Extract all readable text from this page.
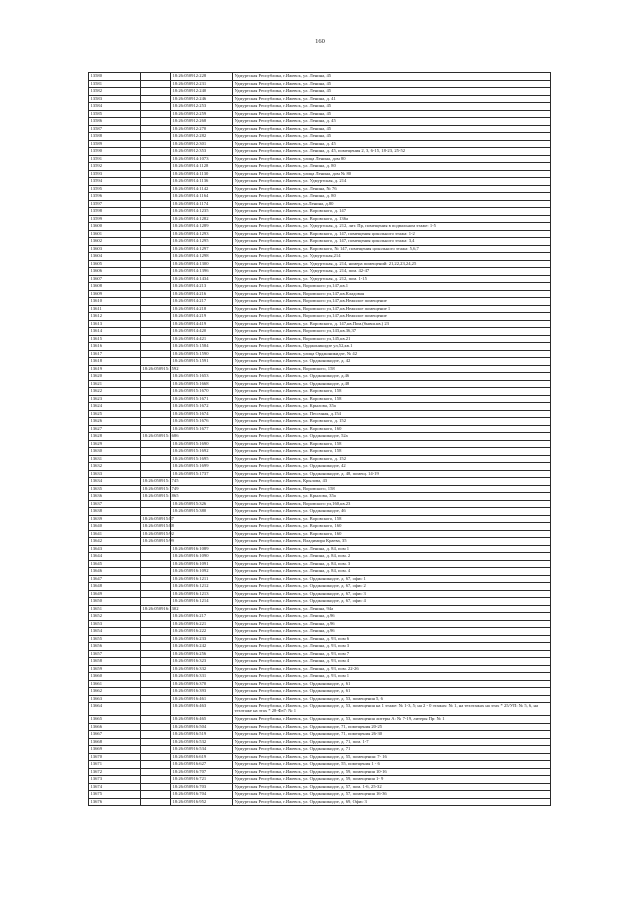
160
13580		18:26:050912:228	Удмуртская Республика, г.Ижевск, ул. Ленина, 45
13581		18:26:050912:231	Удмуртская Республика, г.Ижевск, ул. Ленина, 45
13582		18:26:050912:240	Удмуртская Республика, г.Ижевск, ул. Ленина, 45
13583		18:26:050912:246	Удмуртская Республика, г.Ижевск, ул. Ленина, д. 41
13584		18:26:050912:253	Удмуртская Республика, г.Ижевск, ул. Ленина, 45
13585		18:26:050912:259	Удмуртская Республика, г.Ижевск, ул. Ленина, 45
13586		18:26:050912:268	Удмуртская Республика, г.Ижевск, ул. Ленина, д. 45
13587		18:26:050912:270	Удмуртская Республика, г.Ижевск, ул. Ленина, 45
13588		18:26:050912:282	Удмуртская Республика, г.Ижевск, ул. Ленина, 45
13589		18:26:050912:301	Удмуртская Республика, г.Ижевск, ул. Ленина, д. 45
13590		18:26:050912:353	Удмуртская Республика, г.Ижевск, ул. Ленина, д. 45, помещения 2, 3, 6-15, 18-23, 25-52
13591		18:26:050914:1073	Удмуртская Республика, г.Ижевск, улица Ленина, дом 80
13592		18:26:050914:1128	Удмуртская Республика, г.Ижевск, ул. Ленина, д. 80
13593		18:26:050914:1130	Удмуртская Республика, г.Ижевск, улица Ленина, дом № 80
13594		18:26:050914:1136	Удмуртская Республика, г.Ижевск, ул. Удмуртская, д. 214
13595		18:26:050914:1142	Удмуртская Республика, г.Ижевск, ул. Ленина, № 76
13596		18:26:050914:1164	Удмуртская Республика, г.Ижевск, ул. Ленина, д. 80
13597		18:26:050914:1174	Удмуртская Республика, г.Ижевск, ул.Ленина, д.80
13598		18:26:050914:1235	Удмуртская Республика, г.Ижевск, ул. Воровского, д. 147
13599		18:26:050914:1282	Удмуртская Республика, г.Ижевск, ул. Воровского, д. 136а
13600		18:26:050914:1289	Удмуртская Республика, г.Ижевск, ул. Удмуртская, д. 212, лит. Пр, помещения в подвальном этаже: 1-5
13601		18:26:050914:1293	Удмуртская Республика, г.Ижевск, ул. Воровского, д. 147, помещения цокольного этажа: 1-2
13602		18:26:050914:1295	Удмуртская Республика, г.Ижевск, ул. Воровского, д. 147, помещения цокольного этажа: 3,4
13603		18:26:050914:1297	Удмуртская Республика, г.Ижевск, ул. Воровского, № 147, помещения цокольного этажа: 5,6,7
13604		18:26:050914:1298	Удмуртская Республика, г.Ижевск, ул. Удмуртская,214
13605		18:26:050914:1300	Удмуртская Республика, г.Ижевск, ул. Удмуртская, д. 214, номера помещений: 21,22,23,24,25
13606		18:26:050914:1396	Удмуртская Республика, г.Ижевск, ул. Удмуртская, д. 214, пом. 42-47
13607		18:26:050914:1434	Удмуртская Республика, г.Ижевск, ул. Удмуртская, д. 212, пом. 1-15
13608		18:26:050914:213	Удмуртская Республика, г.Ижевск, Воровского ул,147,кв.1
13609		18:26:050914:216	Удмуртская Республика, г.Ижевск, Воровского ул,147,кв.Кладовая
13610		18:26:050914:217	Удмуртская Республика, г.Ижевск, Воровского ул,147,кв.Нежилое помещение
13611		18:26:050914:218	Удмуртская Республика, г.Ижевск, Воровского ул,147,кв.Нежилое помещение 1
13612		18:26:050914:219	Удмуртская Республика, г.Ижевск, Воровского ул,147,кв.Нежилое помещение
13613		18:26:050914:419	Удмуртская Республика, г.Ижевск, ул. Воровского, д. 147,кв.Пом.(бывш.кв.) 23
13614		18:26:050914:420	Удмуртская Республика, г.Ижевск, Воровского ул,143,кв.36,37
13615		18:26:050914:421	Удмуртская Республика, г.Ижевск, Воровского ул,145,кв.21
13616		18:26:050915:1584	Удмуртская Республика, г.Ижевск, Орджоникидзе ул,52,кв.1
13617		18:26:050915:1590	Удмуртская Республика, г.Ижевск, улица Орджоникидзе, № 42
13618		18:26:050915:1591	Удмуртская Республика, г.Ижевск, ул. Орджоникидзе, д. 42
13619	18:26:050915:1592		Удмуртская Республика, г.Ижевск, Воровского, 158
13620		18:26:050915:1653	Удмуртская Республика, г.Ижевск, ул. Орджоникидзе, д.46
13621		18:26:050915:1668	Удмуртская Республика, г.Ижевск, ул. Орджоникидзе, д.48
13622		18:26:050915:1670	Удмуртская Республика, г.Ижевск, ул. Воровского, 158
13623		18:26:050915:1671	Удмуртская Республика, г.Ижевск, ул. Воровского, 158
13624		18:26:050915:1672	Удмуртская Республика, г.Ижевск, ул. Крылова, 35а
13625		18:26:050915:1674	Удмуртская Республика, г.Ижевск, ул. Песочная, д.154
13626		18:26:050915:1676	Удмуртская Республика, г.Ижевск, ул. Воровского, д. 152
13627		18:26:050915:1677	Удмуртская Республика, г.Ижевск, ул. Воровского, 160
13628	18:26:050915:1686		Удмуртская Республика, г.Ижевск, ул. Орджоникидзе, 52а
13629		18:26:050915:1690	Удмуртская Республика, г.Ижевск, ул. Воровского, 158
13630		18:26:050915:1692	Удмуртская Республика, г.Ижевск, ул. Воровского, 158
13631		18:26:050915:1695	Удмуртская Республика, г.Ижевск, ул. Воровского, д. 152
13632		18:26:050915:1699	Удмуртская Республика, г.Ижевск, ул. Орджоникидзе, 42
13633		18:26:050915:1737	Удмуртская Республика, г.Ижевск, ул. Орджоникидзе, д. 48, помещ. 14-19
13634	18:26:050915:1745		Удмуртская Республика, г.Ижевск, Крылова, 43
13635	18:26:050915:1749		Удмуртская Республика, г.Ижевск, Воровского, 158
13636	18:26:050915:1865		Удмуртская Республика, г.Ижевск, ул. Крылова, 35а
13637		18:26:050915:326	Удмуртская Республика, г.Ижевск, Воровского ул,160,кв.23
13638		18:26:050915:380	Удмуртская Республика, г.Ижевск, ул. Орджоникидзе, 46
13639	18:26:050915:87		Удмуртская Республика, г.Ижевск, ул. Воровского, 158
13640	18:26:050915:88		Удмуртская Республика, г.Ижевск, ул. Воровского, 160
13641	18:26:050915:92		Удмуртская Республика, г.Ижевск, ул. Воровского, 160
13642	18:26:050915:99		Удмуртская Республика, г.Ижевск, Владимира Краева, 35
13643		18:26:050916:1089	Удмуртская Республика, г.Ижевск, ул. Ленина, д. 84, пом 1
13644		18:26:050916:1090	Удмуртская Республика, г.Ижевск, ул. Ленина, д. 84, пом. 2
13645		18:26:050916:1091	Удмуртская Республика, г.Ижевск, ул. Ленина, д. 84, пом. 3
13646		18:26:050916:1092	Удмуртская Республика, г.Ижевск, ул. Ленина, д. 84, пом. 4
13647		18:26:050916:1211	Удмуртская Республика, г.Ижевск, ул. Орджоникидзе, д. 67, офис 1
13648		18:26:050916:1212	Удмуртская Республика, г.Ижевск, ул. Орджоникидзе, д. 67, офис 2
13649		18:26:050916:1213	Удмуртская Республика, г.Ижевск, ул. Орджоникидзе, д. 67, офис 3
13650		18:26:050916:1214	Удмуртская Республика, г.Ижевск, ул. Орджоникидзе, д. 67, офис 4
13651	18:26:050916:1302		Удмуртская Республика, г.Ижевск, ул. Ленина, 94а
13652		18:26:050916:217	Удмуртская Республика, г.Ижевск, ул. Ленина, д.96
13653		18:26:050916:221	Удмуртская Республика, г.Ижевск, ул. Ленина, д.96
13654		18:26:050916:222	Удмуртская Республика, г.Ижевск, ул. Ленина, д.96
13655		18:26:050916:233	Удмуртская Республика, г.Ижевск, ул. Ленина, д. 93, пом 6
13656		18:26:050916:242	Удмуртская Республика, г.Ижевск, ул. Ленина, д. 93, пом 3
13657		18:26:050916:256	Удмуртская Республика, г.Ижевск, ул. Ленина, д. 93, пом 7
13658		18:26:050916:323	Удмуртская Республика, г.Ижевск, ул. Ленина, д. 93, пом 4
13659		18:26:050916:332	Удмуртская Республика, г.Ижевск, ул. Ленина, д. 93, пом. 22-26
13660		18:26:050916:331	Удмуртская Республика, г.Ижевск, ул. Ленина, д. 93, пом 1
13661		18:26:050916:370	Удмуртская Республика, г.Ижевск, ул. Орджоникидзе, д. 61
13662		18:26:050916:393	Удмуртская Республика, г.Ижевск, ул. Орджоникидзе, д. 61
13663		18:26:050916:461	Удмуртская Республика, г.Ижевск, ул. Орджоникидзе, д. 53, помещения 5, 6
13664		18:26:050916:463	Удмуртская Республика, г.Ижевск, ул. Орджоникидзе, д. 53, помещения на 1 этаже: № 1-3, 5; на 2 - 0 этажах: № 1, на техэтажах на этах * 25/УП: № 5, 6, на техэтаже на этах * 28-Фл7: № 1
13665		18:26:050916:465	Удмуртская Республика, г.Ижевск, ул. Орджоникидзе, д. 53, помещения литеры А: № 7-19, литеры Пр: № 1
13666		18:26:050916:504	Удмуртская Республика, г.Ижевск, ул. Орджоникидзе, 71, помещения 20-25
13667		18:26:050916:519	Удмуртская Республика, г.Ижевск, ул. Орджоникидзе, 71, помещения 26-30
13668		18:26:050916:532	Удмуртская Республика, г.Ижевск, ул. Орджоникидзе, д. 71, пом. 1-7
13669		18:26:050916:534	Удмуртская Республика, г.Ижевск, ул. Орджоникидзе, д. 71
13670		18:26:050916:619	Удмуртская Республика, г.Ижевск, ул. Орджоникидзе, д. 55, помещения: 7- 16
13671		18:26:050916:627	Удмуртская Республика, г.Ижевск, ул. Орджоникидзе, 55, помещения 1 - 6
13672		18:26:050916:707	Удмуртская Республика, г.Ижевск, ул. Орджоникидзе, д. 59, помещения 10-16
13673		18:26:050916:721	Удмуртская Республика, г.Ижевск, ул. Орджоникидзе, д. 59, помещения 1- 9
13674		18:26:050916:703	Удмуртская Республика, г.Ижевск, ул. Орджоникидзе, д. 57, пом. 1-6, 25-32
13675		18:26:050916:704	Удмуртская Республика, г.Ижевск, ул. Орджоникидзе, д. 57, помещения 16-36
13676		18:26:050916:952	Удмуртская Республика, г.Ижевск, ул. Орджоникидзе, д. 69, Офис 3
